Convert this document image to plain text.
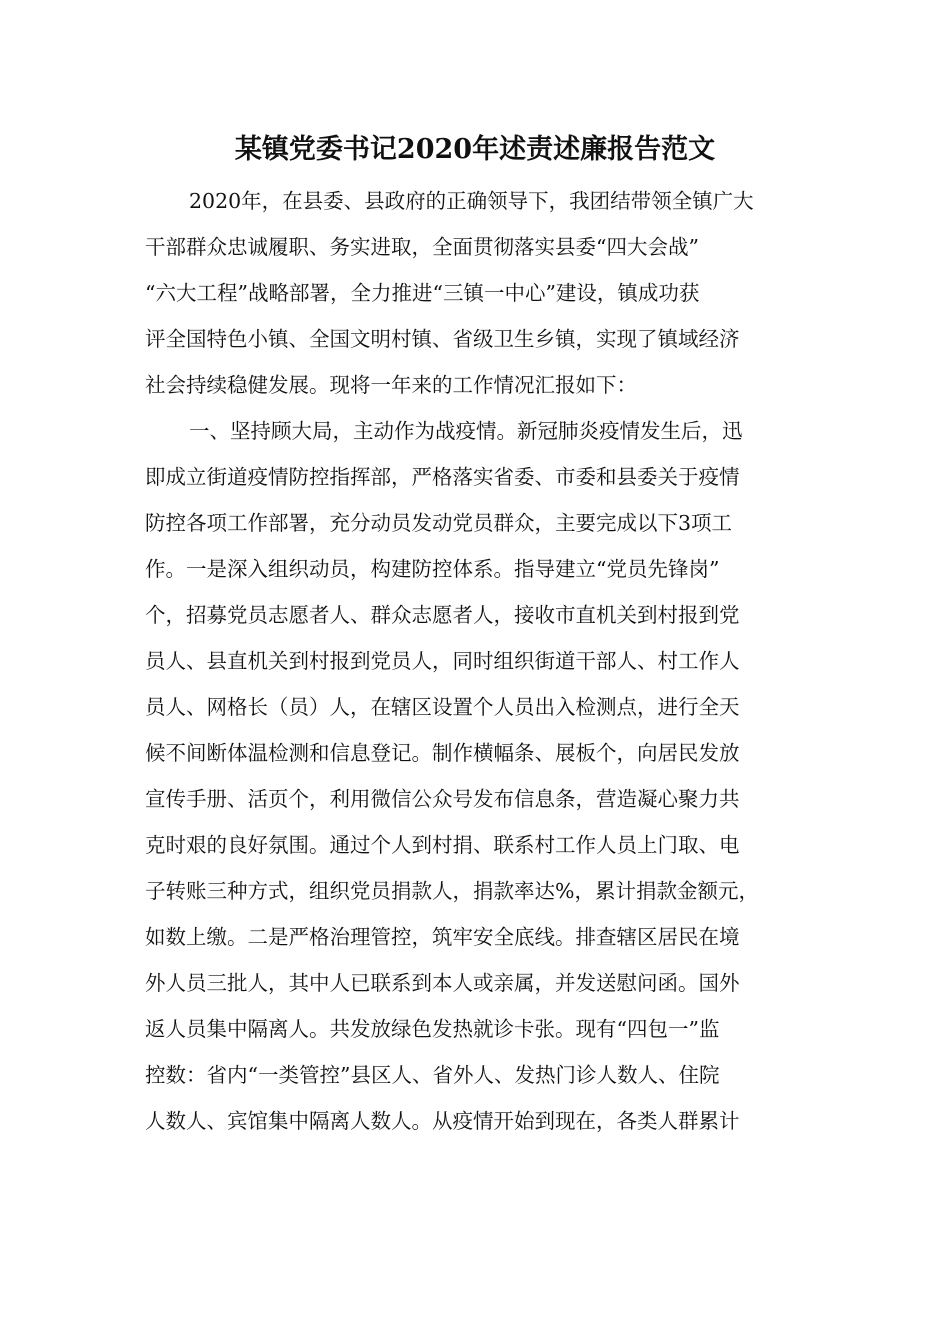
某镇党委书记2020年述责述廉报告范文
2020年，在县委、县政府的正确领导下，我团结带领全镇广大
干部群众忠诚履职、务实进取，全面贯彻落实县委“四大会战”
“六大工程”战略部署，全力推进“三镇一中心”建设，镇成功获
评全国特色小镇、全国文明村镇、省级卫生乡镇，实现了镇域经济
社会持续稳健发展。现将一年来的工作情况汇报如下：
一、坚持顾大局，主动作为战疫情。新冠肺炎疫情发生后，迅
即成立街道疫情防控指挥部，严格落实省委、市委和县委关于疫情
防控各项工作部署，充分动员发动党员群众，主要完成以下3项工
作。一是深入组织动员，构建防控体系。指导建立“党员先锋岗”
个，招募党员志愿者人、群众志愿者人，接收市直机关到村报到党
员人、县直机关到村报到党员人，同时组织街道干部人、村工作人
员人、网格长（员）人，在辖区设置个人员出入检测点，进行全天
候不间断体温检测和信息登记。制作横幅条、展板个，向居民发放
宣传手册、活页个，利用微信公众号发布信息条，营造凝心聚力共
克时艰的良好氛围。通过个人到村捐、联系村工作人员上门取、电
子转账三种方式，组织党员捐款人，捐款率达%，累计捐款金额元，
如数上缴。二是严格治理管控，筑牢安全底线。排查辖区居民在境
外人员三批人，其中人已联系到本人或亲属，并发送慰问函。国外
返人员集中隔离人。共发放绿色发热就诊卡张。现有“四包一”监
控数：省内“一类管控”县区人、省外人、发热门诊人数人、住院
人数人、宾馆集中隔离人数人。从疫情开始到现在，各类人群累计
